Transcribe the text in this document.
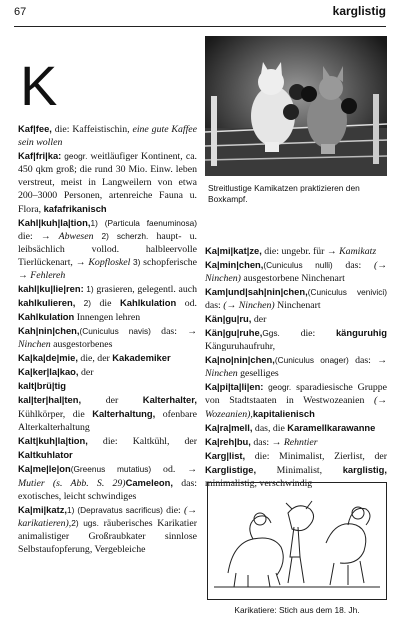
67	karglistig
K
Kaf|fee, die: Kaffeistischin, eine gute Kaffee sein wollen
Kaf|fri|ka: geogr. weitläufiger Kontinent, ca. 450 qkm groß; die rund 30 Mio. Einw. leben verstreut, meist in Langweilern von etwa 200–3000 Personen, artenreiche Fauna u. Flora, kafafrikanisch
Kahl|kuh|la|tion,1) (Particula faenuminosa) die: → Abwesen 2) scherzh. haupt- u. leibsächlich vollod. halbleervolle Tierlückenart, → Kopfloskel 3) schopferische → Fehlereh
kahl|ku|lie|ren: 1) grasieren, gelegentl. auch kahlkulieren, 2) die Kahlkulation od. Kahlkulation Innengen lehren
Kah|nin|chen,(Cuniculus navis) das: → Ninchen ausgestorbenes
Ka|ka|de|mie, die, der Kakademiker
Ka|ker|la|kao, der
kalt|brü|tig
kal|ter|hal|ten, der Kalterhalter, Kühlkörper, die Kalterhaltung, ofenbare Alterkalterhaltung
Kalt|kuh|la|tion, die: Kaltkühl, der Kaltkuhlator
Ka|me|le|on(Greenus mutatius) od. → Mutier (s. Abb. S. 29)Cameleon, das: exotisches, leicht schwindiges
Ka|mi|katz,1) (Depravatus sacrificus) die: (→ karikatieren),2) ugs. räuberisches Karikatier animalistiger Großraubkater sinnlose Selbstaufopferung, Vergebleiche
Streitlustige Kamikatzen praktizieren den Boxkampf.
Ka|mi|kat|ze, die: ungebr. für → Kamikatz
Ka|min|chen,(Cuniculus nulli) das: (→ Ninchen) ausgestorbene Ninchenart
Kam|und|sah|nin|chen,(Cuniculus venivici) das: (→ Ninchen) Ninchenart
Kän|gu|ru, der
Kän|gu|ruhe,Ggs. die: känguruhig Känguruhaufruhr,
Ka|no|nin|chen,(Cuniculus onager) das: → Ninchen geselliges
Ka|pi|ta|li|en: geogr. sparadiesische Gruppe von Stadtstaaten in Westwozeanien (→ Wozeanien),kapitalienisch
Ka|ra|mell, das, die Karamellkarawanne
Ka|reh|bu, das: → Rehntier
Karg|list, die: Minimalist, Zierlist, der Karglistige, Minimalist, karglistig, minimalistig, verschwindig
Karikatiere: Stich aus dem 18. Jh.
